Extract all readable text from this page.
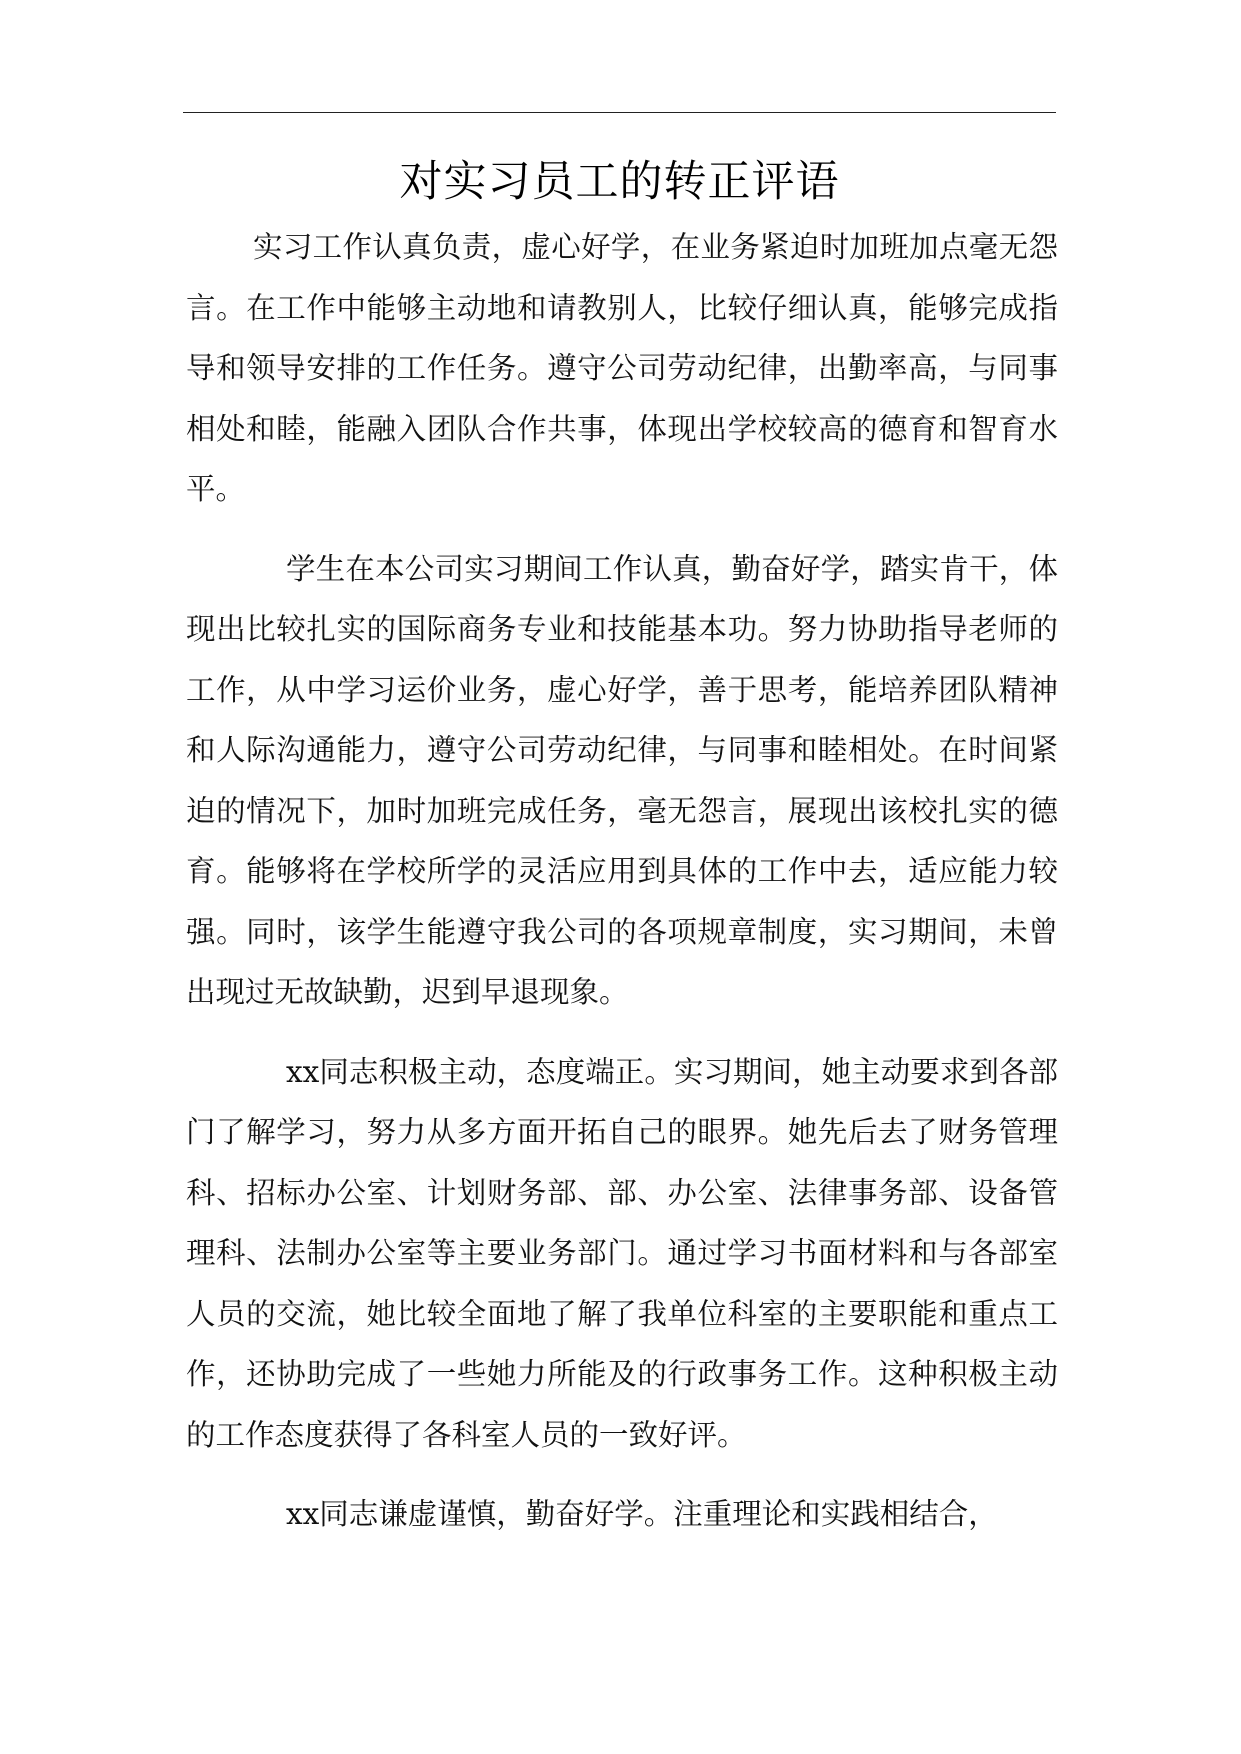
对实习员工的转正评语

实习工作认真负责，虚心好学，在业务紧迫时加班加点毫无怨言。在工作中能够主动地和请教别人，比较仔细认真，能够完成指导和领导安排的工作任务。遵守公司劳动纪律，出勤率高，与同事相处和睦，能融入团队合作共事，体现出学校较高的德育和智育水平。

学生在本公司实习期间工作认真，勤奋好学，踏实肯干，体现出比较扎实的国际商务专业和技能基本功。努力协助指导老师的工作，从中学习运价业务，虚心好学，善于思考，能培养团队精神和人际沟通能力，遵守公司劳动纪律，与同事和睦相处。在时间紧迫的情况下，加时加班完成任务，毫无怨言，展现出该校扎实的德育。能够将在学校所学的灵活应用到具体的工作中去，适应能力较强。同时，该学生能遵守我公司的各项规章制度，实习期间，未曾出现过无故缺勤，迟到早退现象。

xx同志积极主动，态度端正。实习期间，她主动要求到各部门了解学习，努力从多方面开拓自己的眼界。她先后去了财务管理科、招标办公室、计划财务部、部、办公室、法律事务部、设备管理科、法制办公室等主要业务部门。通过学习书面材料和与各部室人员的交流，她比较全面地了解了我单位科室的主要职能和重点工作，还协助完成了一些她力所能及的行政事务工作。这种积极主动的工作态度获得了各科室人员的一致好评。

xx同志谦虚谨慎，勤奋好学。注重理论和实践相结合，
